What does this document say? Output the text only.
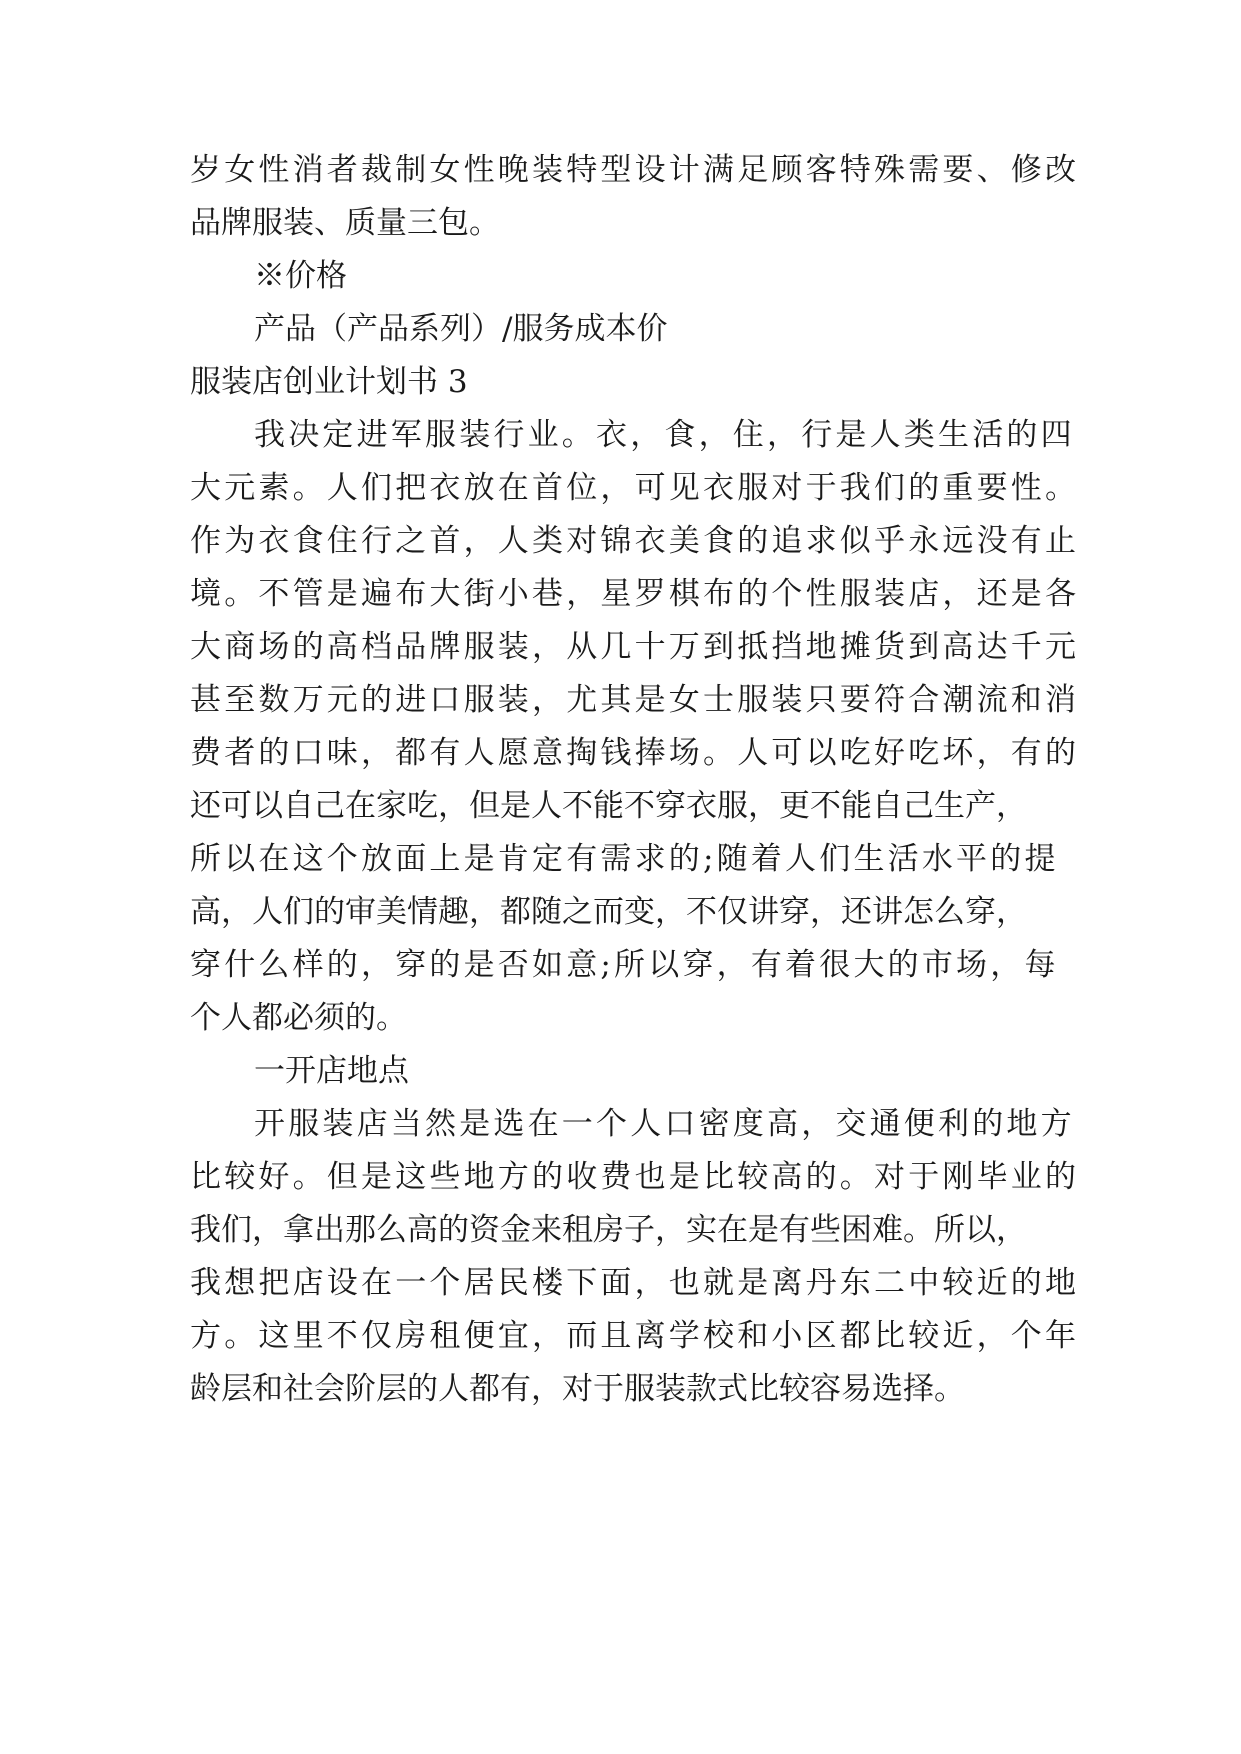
岁女性消者裁制女性晚装特型设计满足顾客特殊需要、修改

品牌服装、质量三包。

※价格

产品（产品系列）/服务成本价

服装店创业计划书 3

我决定进军服装行业。衣，食，住，行是人类生活的四

大元素。人们把衣放在首位，可见衣服对于我们的重要性。

作为衣食住行之首，人类对锦衣美食的追求似乎永远没有止

境。不管是遍布大街小巷，星罗棋布的个性服装店，还是各

大商场的高档品牌服装，从几十万到抵挡地摊货到高达千元

甚至数万元的进口服装，尤其是女士服装只要符合潮流和消

费者的口味，都有人愿意掏钱捧场。人可以吃好吃坏，有的

还可以自己在家吃，但是人不能不穿衣服，更不能自己生产，

所以在这个放面上是肯定有需求的;随着人们生活水平的提

高，人们的审美情趣，都随之而变，不仅讲穿，还讲怎么穿，

穿什么样的，穿的是否如意;所以穿，有着很大的市场，每

个人都必须的。

一开店地点

开服装店当然是选在一个人口密度高，交通便利的地方

比较好。但是这些地方的收费也是比较高的。对于刚毕业的

我们，拿出那么高的资金来租房子，实在是有些困难。所以，

我想把店设在一个居民楼下面，也就是离丹东二中较近的地

方。这里不仅房租便宜，而且离学校和小区都比较近，个年

龄层和社会阶层的人都有，对于服装款式比较容易选择。
